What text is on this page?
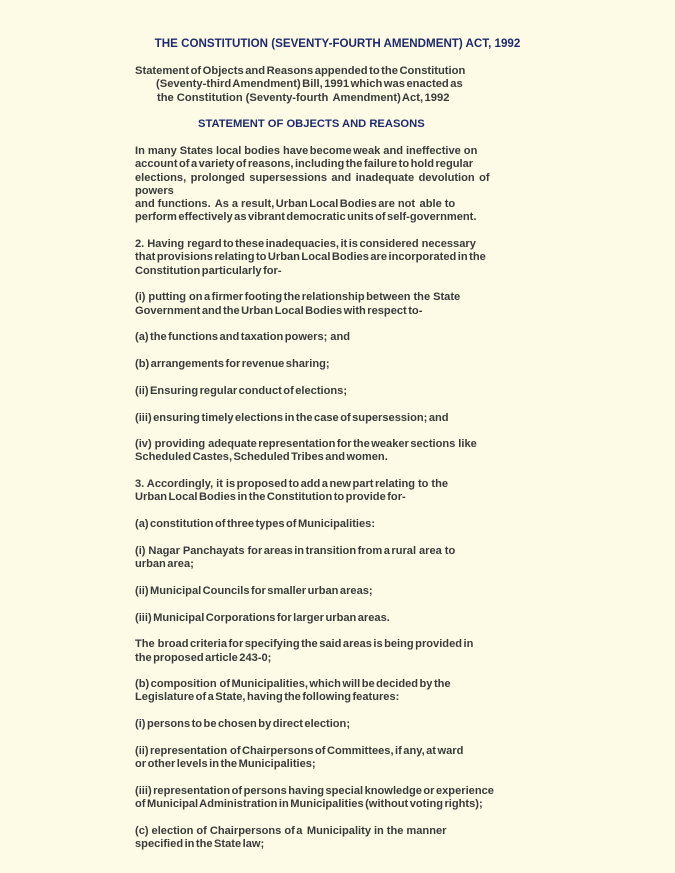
THE CONSTITUTION (SEVENTY-FOURTH AMENDMENT) ACT, 1992
Statement of Objects and Reasons appended to the Constitution
(Seventy-third Amendment) Bill, 1991 which was enacted as
the  Constitution  (Seventy-fourth   Amendment) Act, 1992
STATEMENT OF OBJECTS AND REASONS
In  many  States  local  bodies  have become weak  and  ineffective  on
account of a variety of reasons, including the failure to hold regular
elections,   prolonged   supersessions   and   inadequate   devolution   of
powers
and  functions.   As  a  result, Urban Local Bodies are  not   able  to
perform effectively as vibrant democratic units of self-government.
2.  Having  regard to these inadequacies, it is considered  necessary
that provisions relating to Urban Local Bodies are incorporated in the
Constitution particularly for-
(i)  putting  on a firmer footing the relationship between  the  State
Government and the Urban Local Bodies with respect to-
(a) the functions and taxation powers;  and
(b) arrangements for revenue sharing;
(ii) Ensuring regular conduct of elections;
(iii) ensuring timely elections in the case of supersession; and
(iv)  providing  adequate representation for the weaker sections  like
Scheduled Castes, Scheduled Tribes and women.
3.  Accordingly,  it  is proposed to add a new part relating  to  the
Urban Local Bodies in the Constitution to provide for-
(a) constitution of three types of Municipalities:
(i)  Nagar  Panchayats  for areas in transition from a rural  area  to
urban area;
(ii) Municipal Councils for smaller urban areas;
(iii) Municipal Corporations for larger urban areas.
The  broad criteria for specifying the said areas is being provided in
the proposed article 243-0;
(b) composition  of Municipalities, which will be decided by the
Legislature of a State, having the following features:
(i) persons to be chosen by direct election;
(ii) representation  of Chairpersons of Committees, if any, at ward
or other levels in the Municipalities;
(iii) representation of persons having special knowledge or experience
of Municipal Administration in Municipalities (without voting rights);
(c)  election  of  Chairpersons  of a   Municipality  in  the  manner
specified in the State law;
